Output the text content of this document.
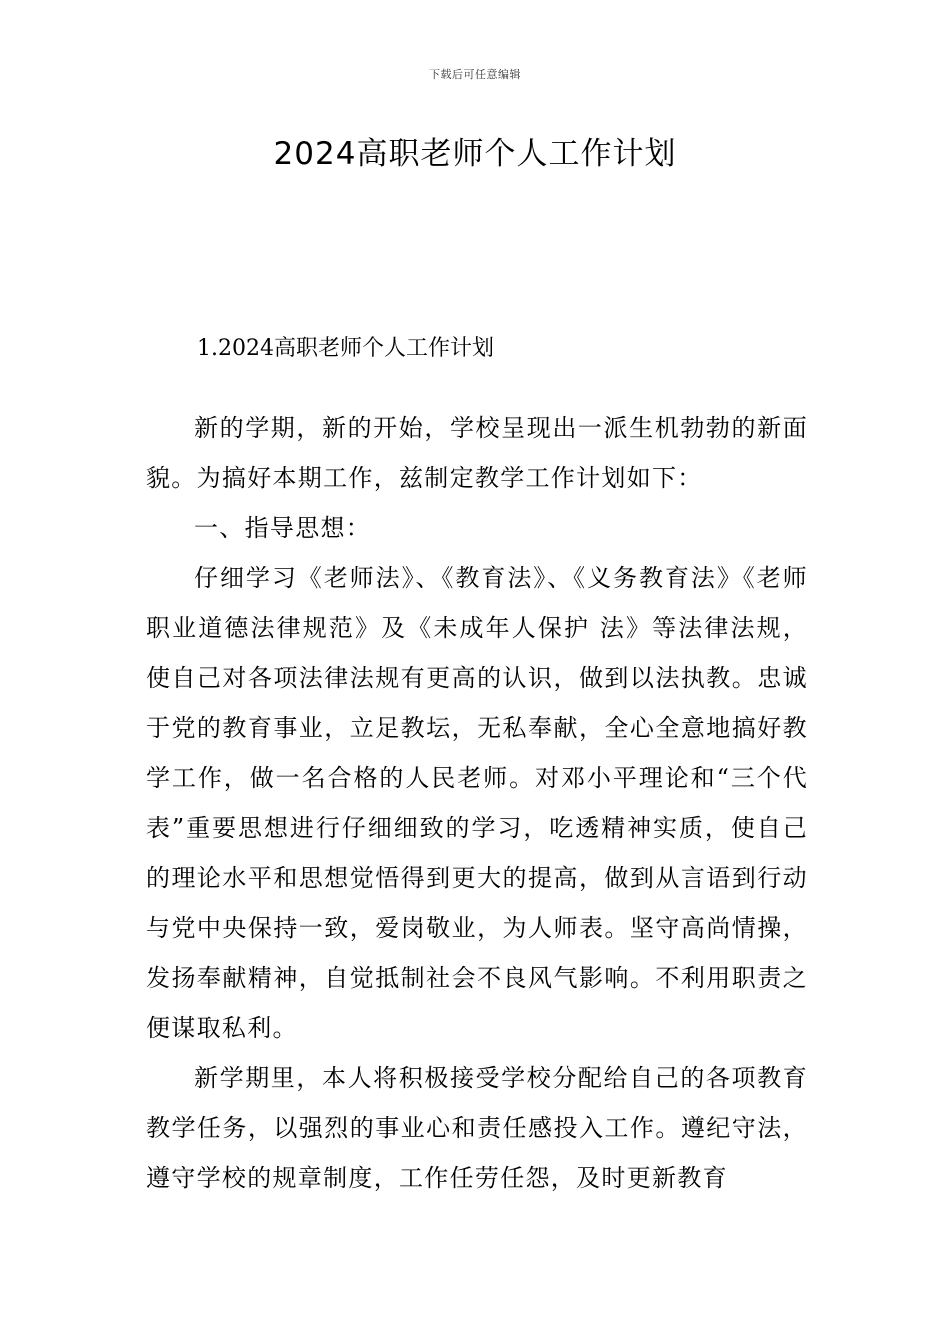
下载后可任意编辑
2024高职老师个人工作计划
1.2024高职老师个人工作计划

新的学期，新的开始，学校呈现出一派生机勃勃的新面貌。为搞好本期工作，兹制定教学工作计划如下：

一、指导思想：

仔细学习《老师法》、《教育法》、《义务教育法》《老师职业道德法律规范》及《未成年人保护 法》等法律法规，使自己对各项法律法规有更高的认识，做到以法执教。忠诚于党的教育事业，立足教坛，无私奉献，全心全意地搞好教学工作，做一名合格的人民老师。对邓小平理论和“三个代表”重要思想进行仔细细致的学习，吃透精神实质，使自己的理论水平和思想觉悟得到更大的提高，做到从言语到行动与党中央保持一致，爱岗敬业，为人师表。坚守高尚情操，发扬奉献精神，自觉抵制社会不良风气影响。不利用职责之便谋取私利。

新学期里，本人将积极接受学校分配给自己的各项教育教学任务，以强烈的事业心和责任感投入工作。遵纪守法，遵守学校的规章制度，工作任劳任怨，及时更新教育
